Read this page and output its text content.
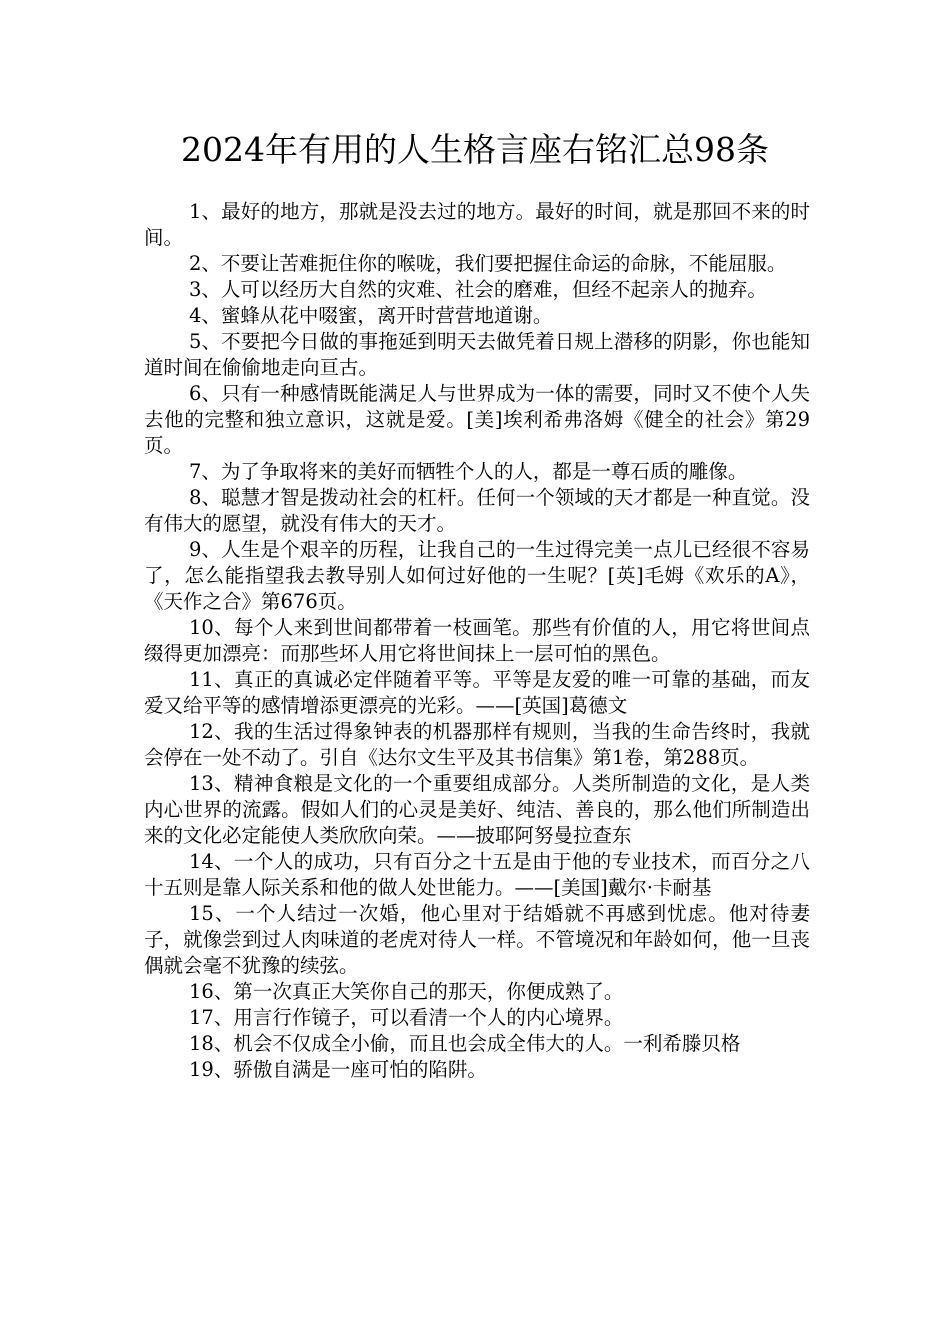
2024年有用的人生格言座右铭汇总98条

1、最好的地方，那就是没去过的地方。最好的时间，就是那回不来的时间。

2、不要让苦难扼住你的喉咙，我们要把握住命运的命脉，不能屈服。

3、人可以经历大自然的灾难、社会的磨难，但经不起亲人的抛弃。

4、蜜蜂从花中啜蜜，离开时营营地道谢。

5、不要把今日做的事拖延到明天去做凭着日规上潜移的阴影，你也能知道时间在偷偷地走向亘古。

6、只有一种感情既能满足人与世界成为一体的需要，同时又不使个人失去他的完整和独立意识，这就是爱。[美]埃利希弗洛姆《健全的社会》第29页。

7、为了争取将来的美好而牺牲个人的人，都是一尊石质的雕像。

8、聪慧才智是拨动社会的杠杆。任何一个领域的天才都是一种直觉。没有伟大的愿望，就没有伟大的天才。

9、人生是个艰辛的历程，让我自己的一生过得完美一点儿已经很不容易了，怎么能指望我去教导别人如何过好他的一生呢？[英]毛姆《欢乐的A》，《天作之合》第676页。

10、每个人来到世间都带着一枝画笔。那些有价值的人，用它将世间点缀得更加漂亮：而那些坏人用它将世间抹上一层可怕的黑色。

11、真正的真诚必定伴随着平等。平等是友爱的唯一可靠的基础，而友爱又给平等的感情增添更漂亮的光彩。——[英国]葛德文

12、我的生活过得象钟表的机器那样有规则，当我的生命告终时，我就会停在一处不动了。引自《达尔文生平及其书信集》第1卷，第288页。

13、精神食粮是文化的一个重要组成部分。人类所制造的文化，是人类内心世界的流露。假如人们的心灵是美好、纯洁、善良的，那么他们所制造出来的文化必定能使人类欣欣向荣。——披耶阿努曼拉查东

14、一个人的成功，只有百分之十五是由于他的专业技术，而百分之八十五则是靠人际关系和他的做人处世能力。——[美国]戴尔·卡耐基

15、一个人结过一次婚，他心里对于结婚就不再感到忧虑。他对待妻子，就像尝到过人肉味道的老虎对待人一样。不管境况和年龄如何，他一旦丧偶就会毫不犹豫的续弦。

16、第一次真正大笑你自己的那天，你便成熟了。

17、用言行作镜子，可以看清一个人的内心境界。

18、机会不仅成全小偷，而且也会成全伟大的人。一利希滕贝格

19、骄傲自满是一座可怕的陷阱。
